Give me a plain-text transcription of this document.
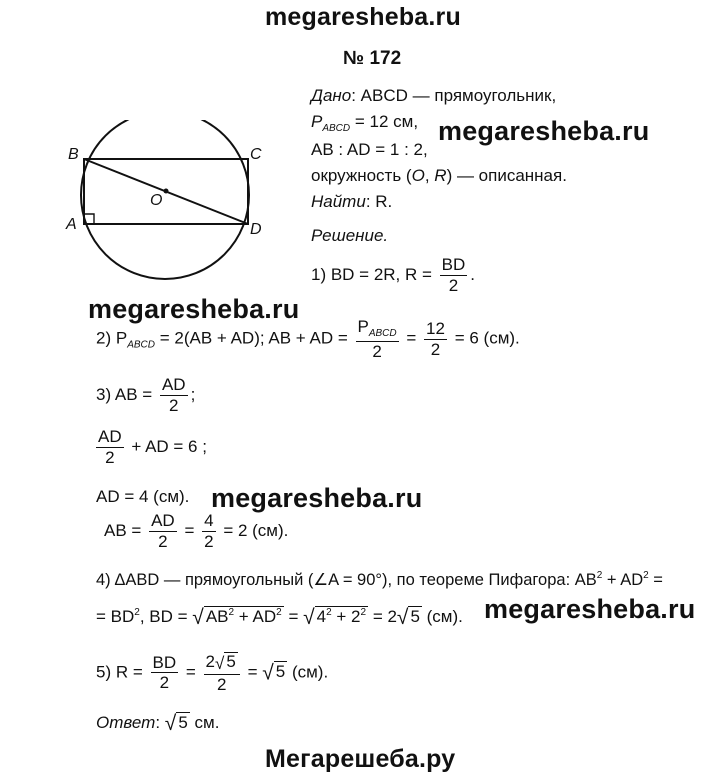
megaresheba.ru
№ 172
Мегарешеба.ру
megaresheba.ru
megaresheba.ru
megaresheba.ru
megaresheba.ru
B	C
A	D
O
Дано: ABCD — прямоугольник,
$P_{ABCD} = 12$ см,
AB : AD = 1 : 2,
окружность (O, R) — описанная.
Найти: R.
Решение.
1) BD = 2R, $R = \frac{BD}{2}$ .
2) $P_{ABCD} = 2(AB + AD)$; AB + AD = $\frac{P_{ABCD}}{2} = \frac{12}{2} = 6$ (см).
3) AB = $\frac{AD}{2}$ ;
$\frac{AD}{2}$ + AD = 6 ;
AD = 4 (см).
AB = $\frac{AD}{2} = \frac{4}{2} = 2$ (см).
4) ΔABD — прямоугольный (∠A = 90°), по теореме Пифагора: $AB^2 + AD^2$ =
= $BD^2$, BD = √ $AB^2 + AD^2$ = √ $4^2 + 2^2 = 2√$ 5 (см).
5) $R = \frac{BD}{2} = \frac{2√ 5}{2}$ = √ 5 (см).
Ответ: √ 5 см.
